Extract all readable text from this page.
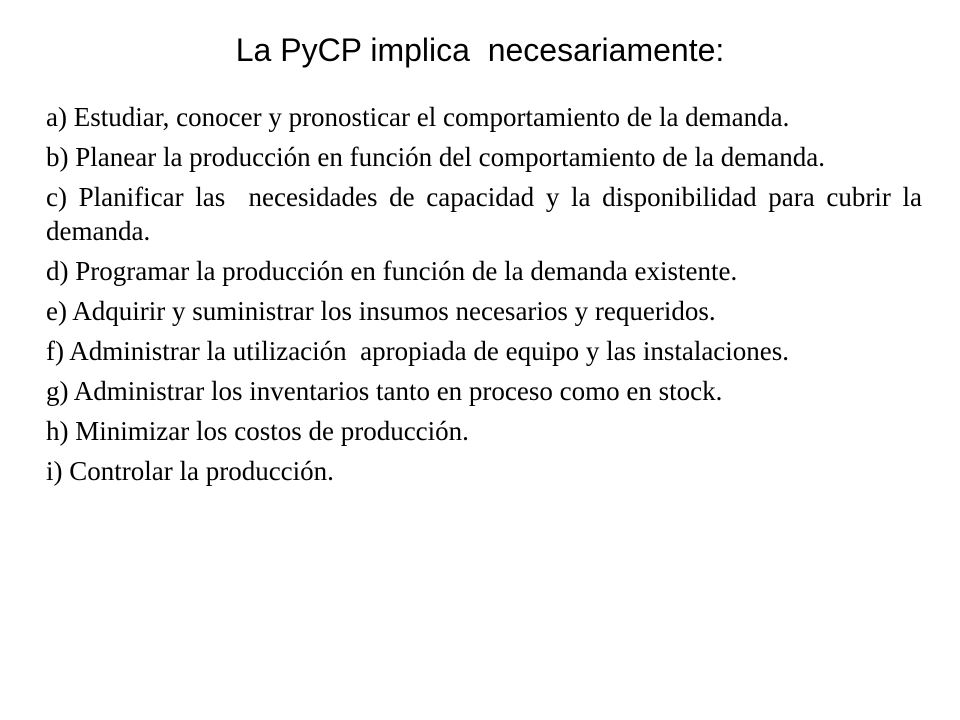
La PyCP implica  necesariamente:
a) Estudiar, conocer y pronosticar el comportamiento de la demanda.
b) Planear la producción en función del comportamiento de la demanda.
c) Planificar las  necesidades de capacidad y la disponibilidad para cubrir la demanda.
d) Programar la producción en función de la demanda existente.
e) Adquirir y suministrar los insumos necesarios y requeridos.
f) Administrar la utilización  apropiada de equipo y las instalaciones.
g) Administrar los inventarios tanto en proceso como en stock.
h) Minimizar los costos de producción.
i) Controlar la producción.
